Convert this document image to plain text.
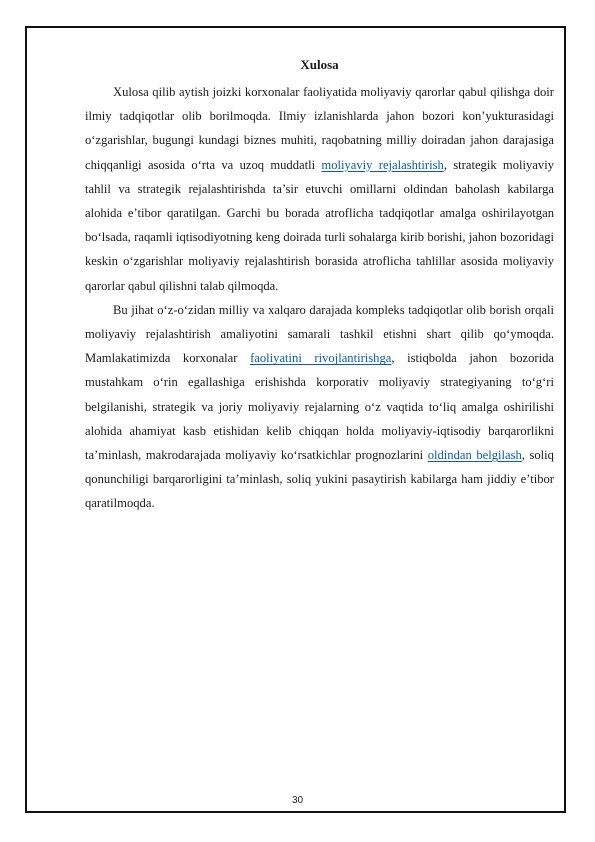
Xulosa

Xulosa qilib aytish joizki korxonalar faoliyatida moliyaviy qarorlar qabul qilishga doir ilmiy tadqiqotlar olib borilmoqda. Ilmiy izlanishlarda jahon bozori kon’yukturasidagi o‘zgarishlar, bugungi kundagi biznes muhiti, raqobatning milliy doiradan jahon darajasiga chiqqanligi asosida o‘rta va uzoq muddatli moliyaviy rejalashtirish, strategik moliyaviy tahlil va strategik rejalashtirishda ta’sir etuvchi omillarni oldindan baholash kabilarga alohida e’tibor qaratilgan. Garchi bu borada atroflicha tadqiqotlar amalga oshirilayotgan bo‘lsada, raqamli iqtisodiyotning keng doirada turli sohalarga kirib borishi, jahon bozoridagi keskin o‘zgarishlar moliyaviy rejalashtirish borasida atroflicha tahlillar asosida moliyaviy qarorlar qabul qilishni talab qilmoqda.

Bu jihat o‘z-o‘zidan milliy va xalqaro darajada kompleks tadqiqotlar olib borish orqali moliyaviy rejalashtirish amaliyotini samarali tashkil etishni shart qilib qo‘ymoqda. Mamlakatimizda korxonalar faoliyatini rivojlantirishga, istiqbolda jahon bozorida mustahkam o‘rin egallashiga erishishda korporativ moliyaviy strategiyaning to‘g‘ri belgilanishi, strategik va joriy moliyaviy rejalarning o‘z vaqtida to‘liq amalga oshirilishi alohida ahamiyat kasb etishidan kelib chiqqan holda moliyaviy-iqtisodiy barqarorlikni ta’minlash, makrodarajada moliyaviy ko‘rsatkichlar prognozlarini oldindan belgilash, soliq qonunchiligi barqarorligini ta’minlash, soliq yukini pasaytirish kabilarga ham jiddiy e’tibor qaratilmoqda.

30
